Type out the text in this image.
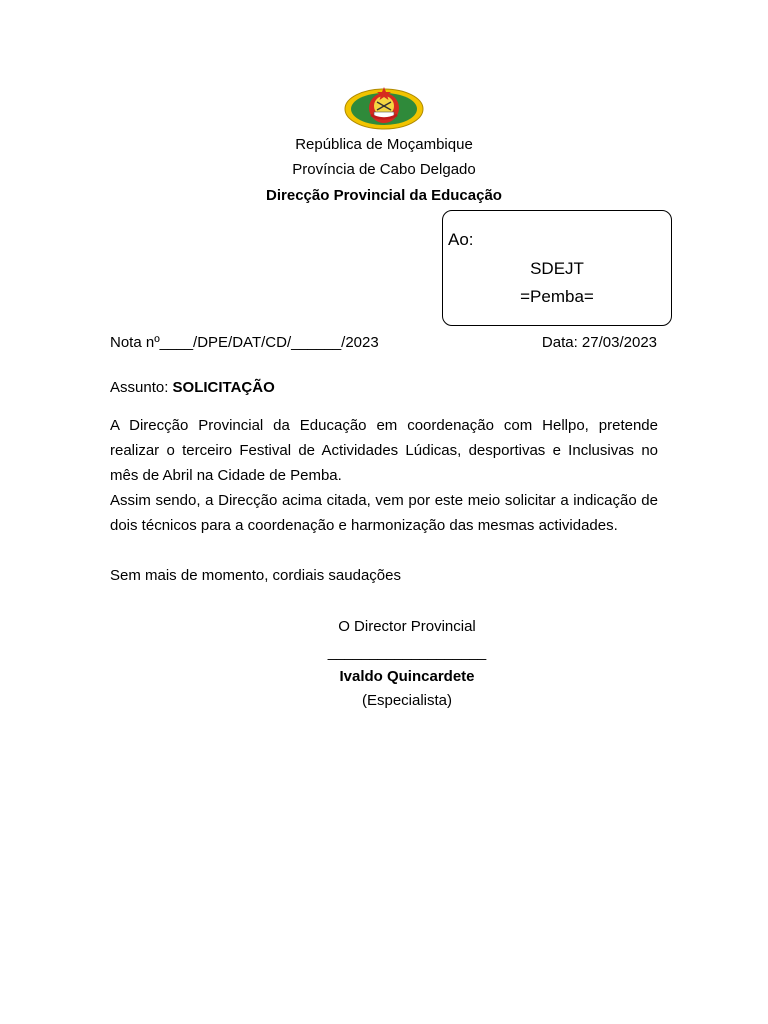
República de Moçambique
Província de Cabo Delgado
Direcção Provincial da Educação
Ao:
SDEJT
=Pemba=
Nota nº____/DPE/DAT/CD/______/2023	Data: 27/03/2023
Assunto: SOLICITAÇÃO

A Direcção Provincial da Educação em coordenação com Hellpo, pretende realizar o terceiro Festival de Actividades Lúdicas, desportivas e Inclusivas no mês de Abril na Cidade de Pemba.

Assim sendo, a Direcção acima citada, vem por este meio solicitar a indicação de dois técnicos para a coordenação e harmonização das mesmas actividades.

Sem mais de momento, cordiais saudações
O Director Provincial
___________________
Ivaldo Quincardete
(Especialista)
